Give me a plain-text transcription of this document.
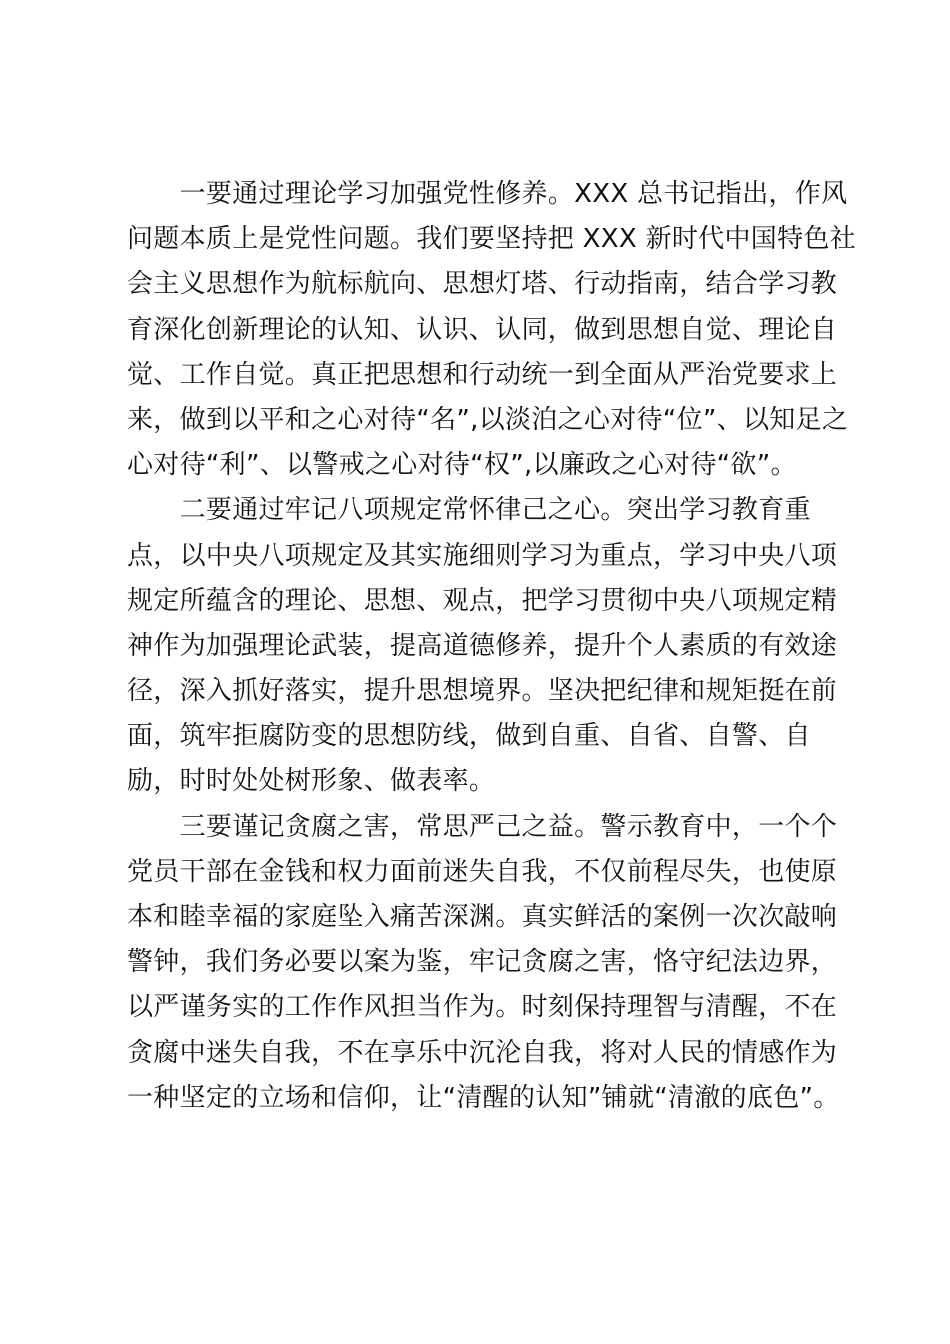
　　一要通过理论学习加强党性修养。XXX 总书记指出，作风
问题本质上是党性问题。我们要坚持把 XXX 新时代中国特色社
会主义思想作为航标航向、思想灯塔、行动指南，结合学习教
育深化创新理论的认知、认识、认同，做到思想自觉、理论自
觉、工作自觉。真正把思想和行动统一到全面从严治党要求上
来，做到以平和之心对待“名”,以淡泊之心对待“位”、以知足之
心对待“利”、以警戒之心对待“权”,以廉政之心对待“欲”。
　　二要通过牢记八项规定常怀律己之心。突出学习教育重
点，以中央八项规定及其实施细则学习为重点，学习中央八项
规定所蕴含的理论、思想、观点，把学习贯彻中央八项规定精
神作为加强理论武装，提高道德修养，提升个人素质的有效途
径，深入抓好落实，提升思想境界。坚决把纪律和规矩挺在前
面，筑牢拒腐防变的思想防线，做到自重、自省、自警、自
励，时时处处树形象、做表率。
　　三要谨记贪腐之害，常思严己之益。警示教育中，一个个
党员干部在金钱和权力面前迷失自我，不仅前程尽失，也使原
本和睦幸福的家庭坠入痛苦深渊。真实鲜活的案例一次次敲响
警钟，我们务必要以案为鉴，牢记贪腐之害，恪守纪法边界，
以严谨务实的工作作风担当作为。时刻保持理智与清醒，不在
贪腐中迷失自我，不在享乐中沉沦自我，将对人民的情感作为
一种坚定的立场和信仰，让“清醒的认知”铺就“清澈的底色”。
